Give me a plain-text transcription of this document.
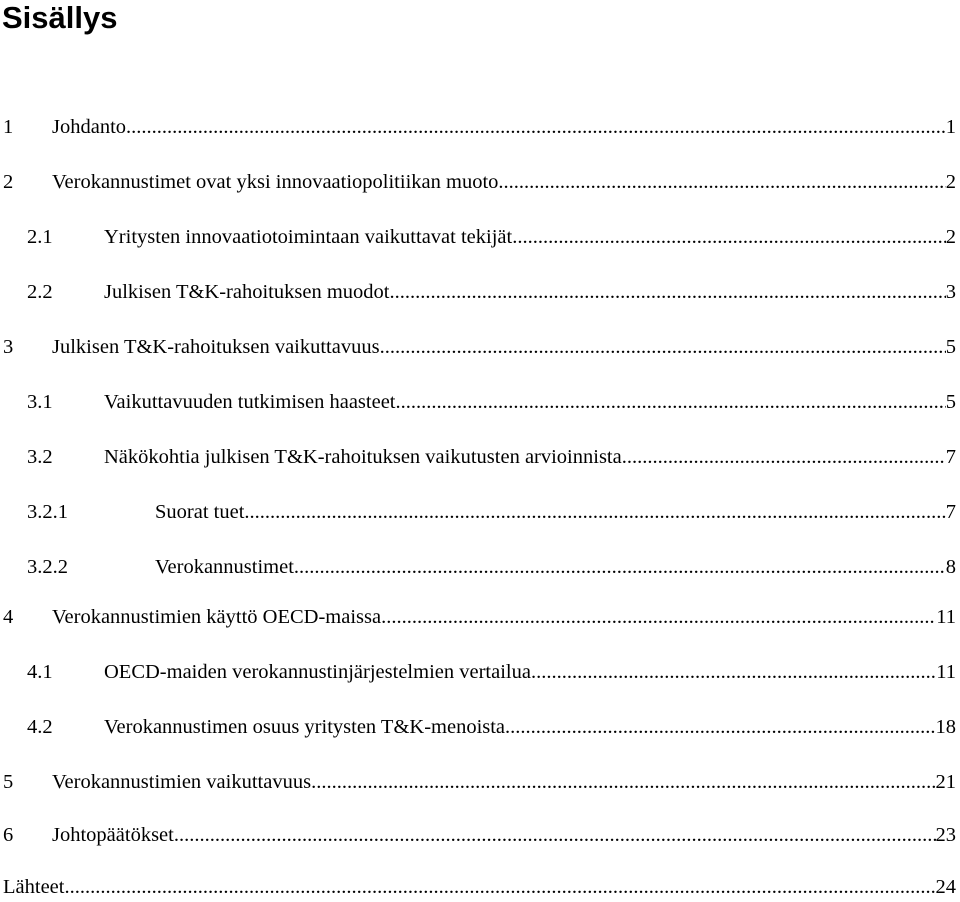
Sisällys
1	Johdanto .....	1
2	Verokannustimet ovat yksi innovaatiopolitiikan muoto .....	2
2.1	Yritysten innovaatiotoimintaan vaikuttavat tekijät .....	2
2.2	Julkisen T&K-rahoituksen muodot .....	3
3	Julkisen T&K-rahoituksen vaikuttavuus .....	5
3.1	Vaikuttavuuden tutkimisen haasteet .....	5
3.2	Näkökohtia julkisen T&K-rahoituksen vaikutusten arvioinnista .....	7
3.2.1	Suorat tuet .....	7
3.2.2	Verokannustimet .....	8
4	Verokannustimien käyttö OECD-maissa .....	11
4.1	OECD-maiden verokannustinjärjestelmien vertailua .....	11
4.2	Verokannustimen osuus yritysten T&K-menoista .....	18
5	Verokannustimien vaikuttavuus .....	21
6	Johtopäätökset .....	23
Lähteet .....	24
